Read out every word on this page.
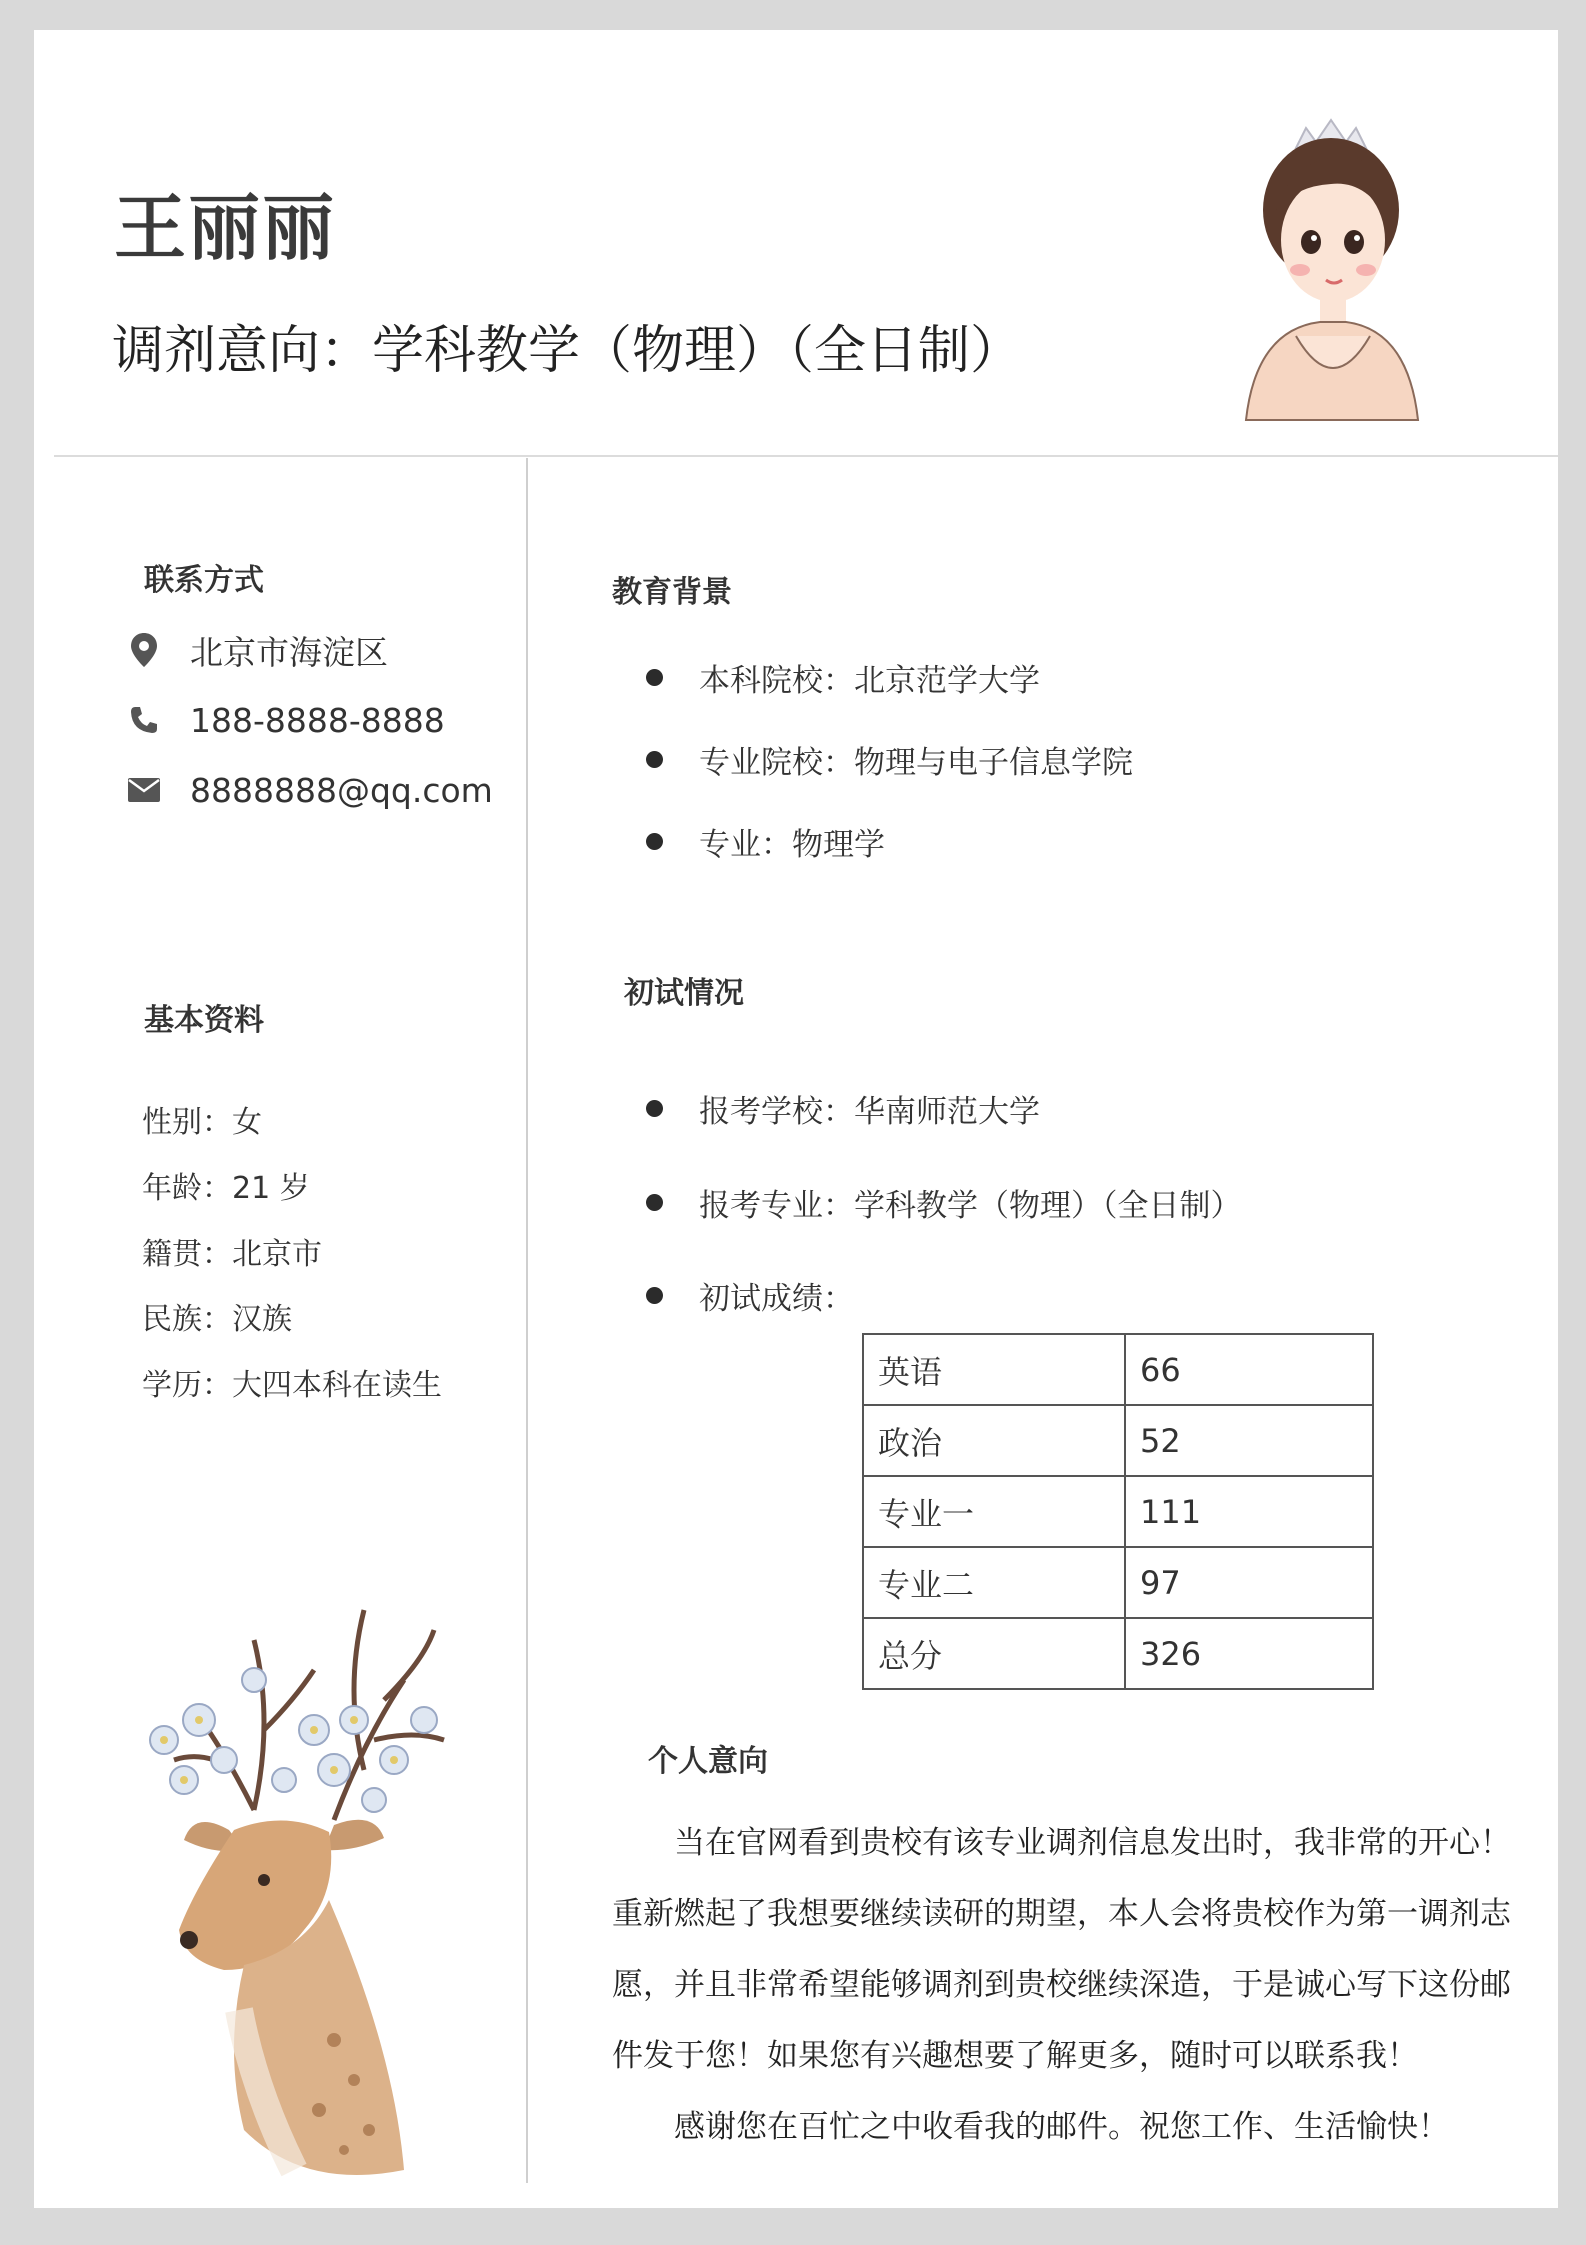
王丽丽
调剂意向：学科教学（物理）（全日制）
联系方式
北京市海淀区
188-8888-8888
8888888@qq.com
基本资料
性别：女
年龄：21 岁
籍贯：北京市
民族：汉族
学历：大四本科在读生
教育背景
本科院校：北京范学大学
专业院校：物理与电子信息学院
专业：物理学
初试情况
报考学校：华南师范大学
报考专业：学科教学（物理）（全日制）
初试成绩：
英语	66
政治	52
专业一	111
专业二	97
总分	326
个人意向
　　当在官网看到贵校有该专业调剂信息发出时，我非常的开心！重新燃起了我想要继续读研的期望，本人会将贵校作为第一调剂志愿，并且非常希望能够调剂到贵校继续深造，于是诚心写下这份邮件发于您！如果您有兴趣想要了解更多，随时可以联系我！
　　感谢您在百忙之中收看我的邮件。祝您工作、生活愉快！
